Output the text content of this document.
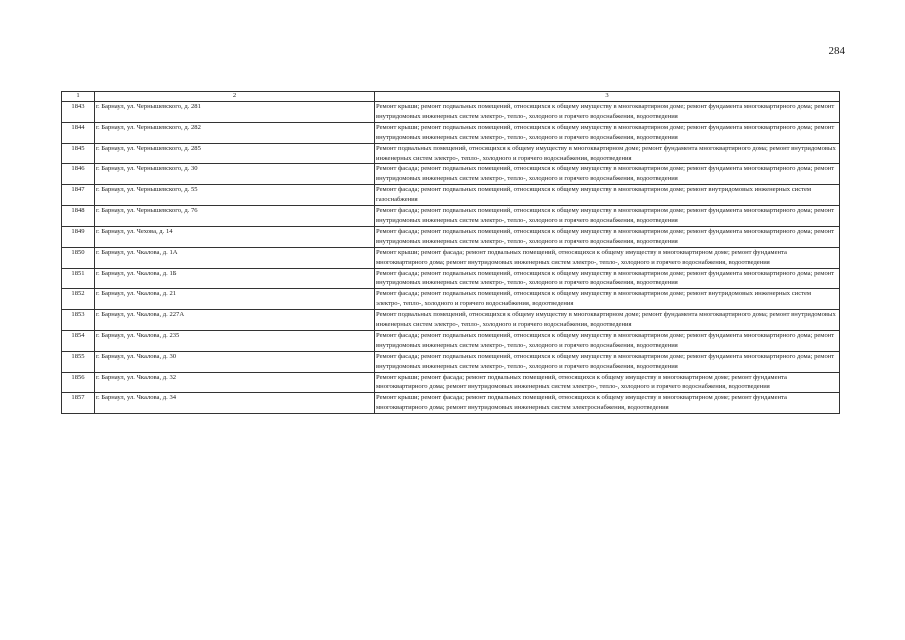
284
1	2	3
1843	г. Барнаул, ул. Чернышевского, д. 281	Ремонт крыши; ремонт подвальных помещений, относящихся к общему имуществу в многоквартирном доме; ремонт фундамента многоквартирного дома; ремонт внутридомовых инженерных систем электро-, тепло-, холодного и горячего водоснабжения, водоотведения
1844	г. Барнаул, ул. Чернышевского, д. 282	Ремонт крыши; ремонт подвальных помещений, относящихся к общему имуществу в многоквартирном доме; ремонт фундамента многоквартирного дома; ремонт внутридомовых инженерных систем электро-, тепло-, холодного и горячего водоснабжения, водоотведения
1845	г. Барнаул, ул. Чернышевского, д. 285	Ремонт подвальных помещений, относящихся к общему имуществу в многоквартирном доме; ремонт фундамента многоквартирного дома; ремонт внутридомовых инженерных систем электро-, тепло-, холодного и горячего водоснабжения, водоотведения
1846	г. Барнаул, ул. Чернышевского, д. 30	Ремонт фасада; ремонт подвальных помещений, относящихся к общему имуществу в многоквартирном доме; ремонт фундамента многоквартирного дома; ремонт внутридомовых инженерных систем электро-, тепло-, холодного и горячего водоснабжения, водоотведения
1847	г. Барнаул, ул. Чернышевского, д. 55	Ремонт фасада; ремонт подвальных помещений, относящихся к общему имуществу в многоквартирном доме; ремонт внутридомовых инженерных систем газоснабжения
1848	г. Барнаул, ул. Чернышевского, д. 76	Ремонт фасада; ремонт подвальных помещений, относящихся к общему имуществу в многоквартирном доме; ремонт фундамента многоквартирного дома; ремонт внутридомовых инженерных систем электро-, тепло-, холодного и горячего водоснабжения, водоотведения
1849	г. Барнаул, ул. Чехова, д. 14	Ремонт фасада; ремонт подвальных помещений, относящихся к общему имуществу в многоквартирном доме; ремонт фундамента многоквартирного дома; ремонт внутридомовых инженерных систем электро-, тепло-, холодного и горячего водоснабжения, водоотведения
1850	г. Барнаул, ул. Чкалова, д. 1А	Ремонт крыши; ремонт фасада; ремонт подвальных помещений, относящихся к общему имуществу в многоквартирном доме; ремонт фундамента многоквартирного дома; ремонт внутридомовых инженерных систем электро-, тепло-, холодного и горячего водоснабжения, водоотведения
1851	г. Барнаул, ул. Чкалова, д. 1Б	Ремонт фасада; ремонт подвальных помещений, относящихся к общему имуществу в многоквартирном доме; ремонт фундамента многоквартирного дома; ремонт внутридомовых инженерных систем электро-, тепло-, холодного и горячего водоснабжения, водоотведения
1852	г. Барнаул, ул. Чкалова, д. 21	Ремонт фасада; ремонт подвальных помещений, относящихся к общему имуществу в многоквартирном доме; ремонт внутридомовых инженерных систем электро-, тепло-, холодного и горячего водоснабжения, водоотведения
1853	г. Барнаул, ул. Чкалова, д. 227А	Ремонт подвальных помещений, относящихся к общему имуществу в многоквартирном доме; ремонт фундамента многоквартирного дома; ремонт внутридомовых инженерных систем электро-, тепло-, холодного и горячего водоснабжения, водоотведения
1854	г. Барнаул, ул. Чкалова, д. 235	Ремонт фасада; ремонт подвальных помещений, относящихся к общему имуществу в многоквартирном доме; ремонт фундамента многоквартирного дома; ремонт внутридомовых инженерных систем электро-, тепло-, холодного и горячего водоснабжения, водоотведения
1855	г. Барнаул, ул. Чкалова, д. 30	Ремонт фасада; ремонт подвальных помещений, относящихся к общему имуществу в многоквартирном доме; ремонт фундамента многоквартирного дома; ремонт внутридомовых инженерных систем электро-, тепло-, холодного и горячего водоснабжения, водоотведения
1856	г. Барнаул, ул. Чкалова, д. 32	Ремонт крыши; ремонт фасада; ремонт подвальных помещений, относящихся к общему имуществу в многоквартирном доме; ремонт фундамента многоквартирного дома; ремонт внутридомовых инженерных систем электро-, тепло-, холодного и горячего водоснабжения, водоотведения
1857	г. Барнаул, ул. Чкалова, д. 34	Ремонт крыши; ремонт фасада; ремонт подвальных помещений, относящихся к общему имуществу в многоквартирном доме; ремонт фундамента многоквартирного дома; ремонт внутридомовых инженерных систем электроснабжения, водоотведения
